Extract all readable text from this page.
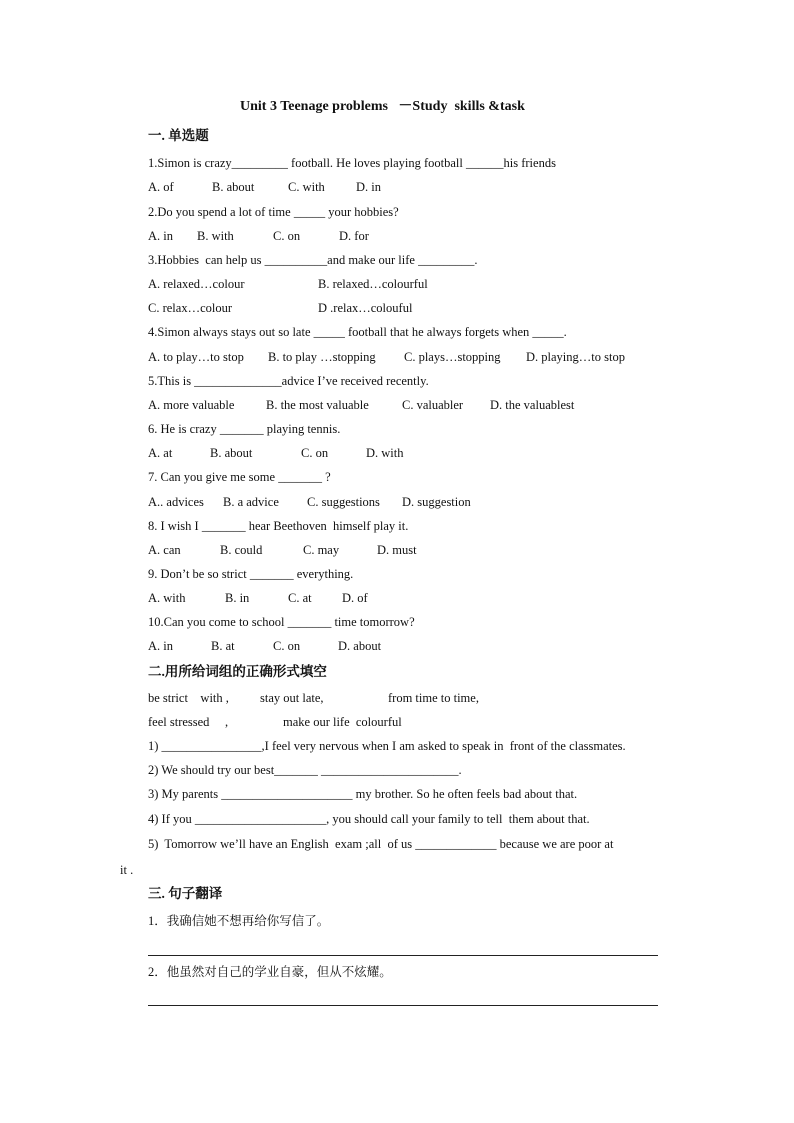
Unit 3 Teenage problems   －Study  skills &task
一. 单选题
1.Simon is crazy_________ football. He loves playing football ______his friends
A. of	B. about	C. with D. in
2.Do you spend a lot of time _____ your hobbies?
A. in B. with	C. on	D. for
3.Hobbies  can help us __________and make our life _________.
A. relaxed…colour	B. relaxed…colourful
C. relax…colour	D .relax…colouful
4.Simon always stays out so late _____ football that he always forgets when _____.
A. to play…to stop B. to play …stopping C. plays…stopping D. playing…to stop
5.This is ______________advice I’ve received recently.
A. more valuable	B. the most valuable	C. valuabler D. the valuablest
6. He is crazy _______ playing tennis.
A. at	B. about	C. on	D. with
7. Can you give me some _______ ?
A.. advices B. a advice C. suggestions D. suggestion
8. I wish I _______ hear Beethoven  himself play it.
A. can	B. could	C. may	D. must
9. Don’t be so strict _______ everything.
A. with	B. in	C. at D. of
10.Can you come to school _______ time tomorrow?
A. in	B. at	C. on	D. about
二.用所给词组的正确形式填空
be strict    with , stay out late,	from time to time,
feel stressed     ,	make our life  colourful
1) ________________,I feel very nervous when I am asked to speak in  front of the classmates.
2) We should try our best_______ ______________________.
3) My parents _____________________ my brother. So he often feels bad about that.
4) If you _____________________, you should call your family to tell  them about that.
5)  Tomorrow we’ll have an English  exam ;all  of us _____________ because we are poor at
it .
三. 句子翻译
1．我确信她不想再给你写信了。
2．他虽然对自己的学业自豪，但从不炫耀。
